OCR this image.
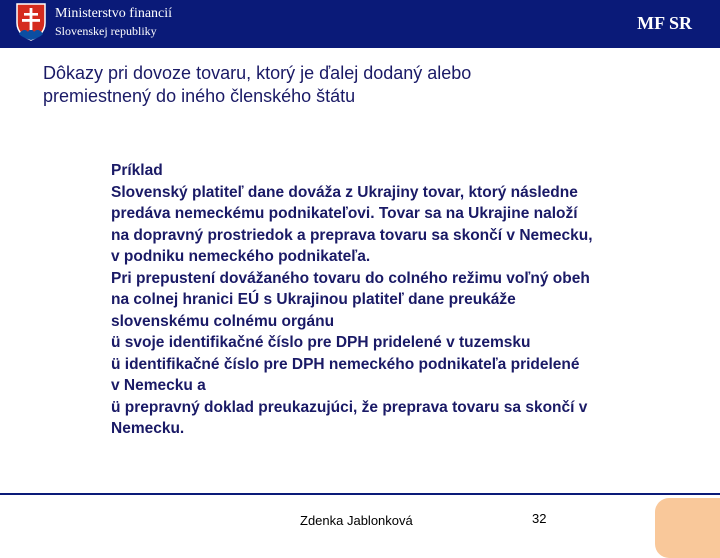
Ministerstvo financií
Slovenskej republiky	MF SR
Dôkazy pri dovoze tovaru, ktorý je ďalej dodaný alebo
premiestnený do iného členského štátu
Príklad
Slovenský platiteľ dane dováža z Ukrajiny tovar, ktorý následne
predáva nemeckému podnikateľovi. Tovar sa na Ukrajine naloží
na dopravný prostriedok a preprava tovaru sa skončí v Nemecku,
v podniku nemeckého podnikateľa.
Pri prepustení dovážaného tovaru do colného režimu voľný obeh
na colnej hranici EÚ s Ukrajinou platiteľ dane preukáže
slovenskému colnému orgánu
ü svoje identifikačné číslo pre DPH pridelené v tuzemsku
ü identifikačné číslo pre DPH nemeckého podnikateľa pridelené
v Nemecku a
ü prepravný doklad preukazujúci, že preprava tovaru sa skončí v
Nemecku.
Zdenka Jablonková	32
